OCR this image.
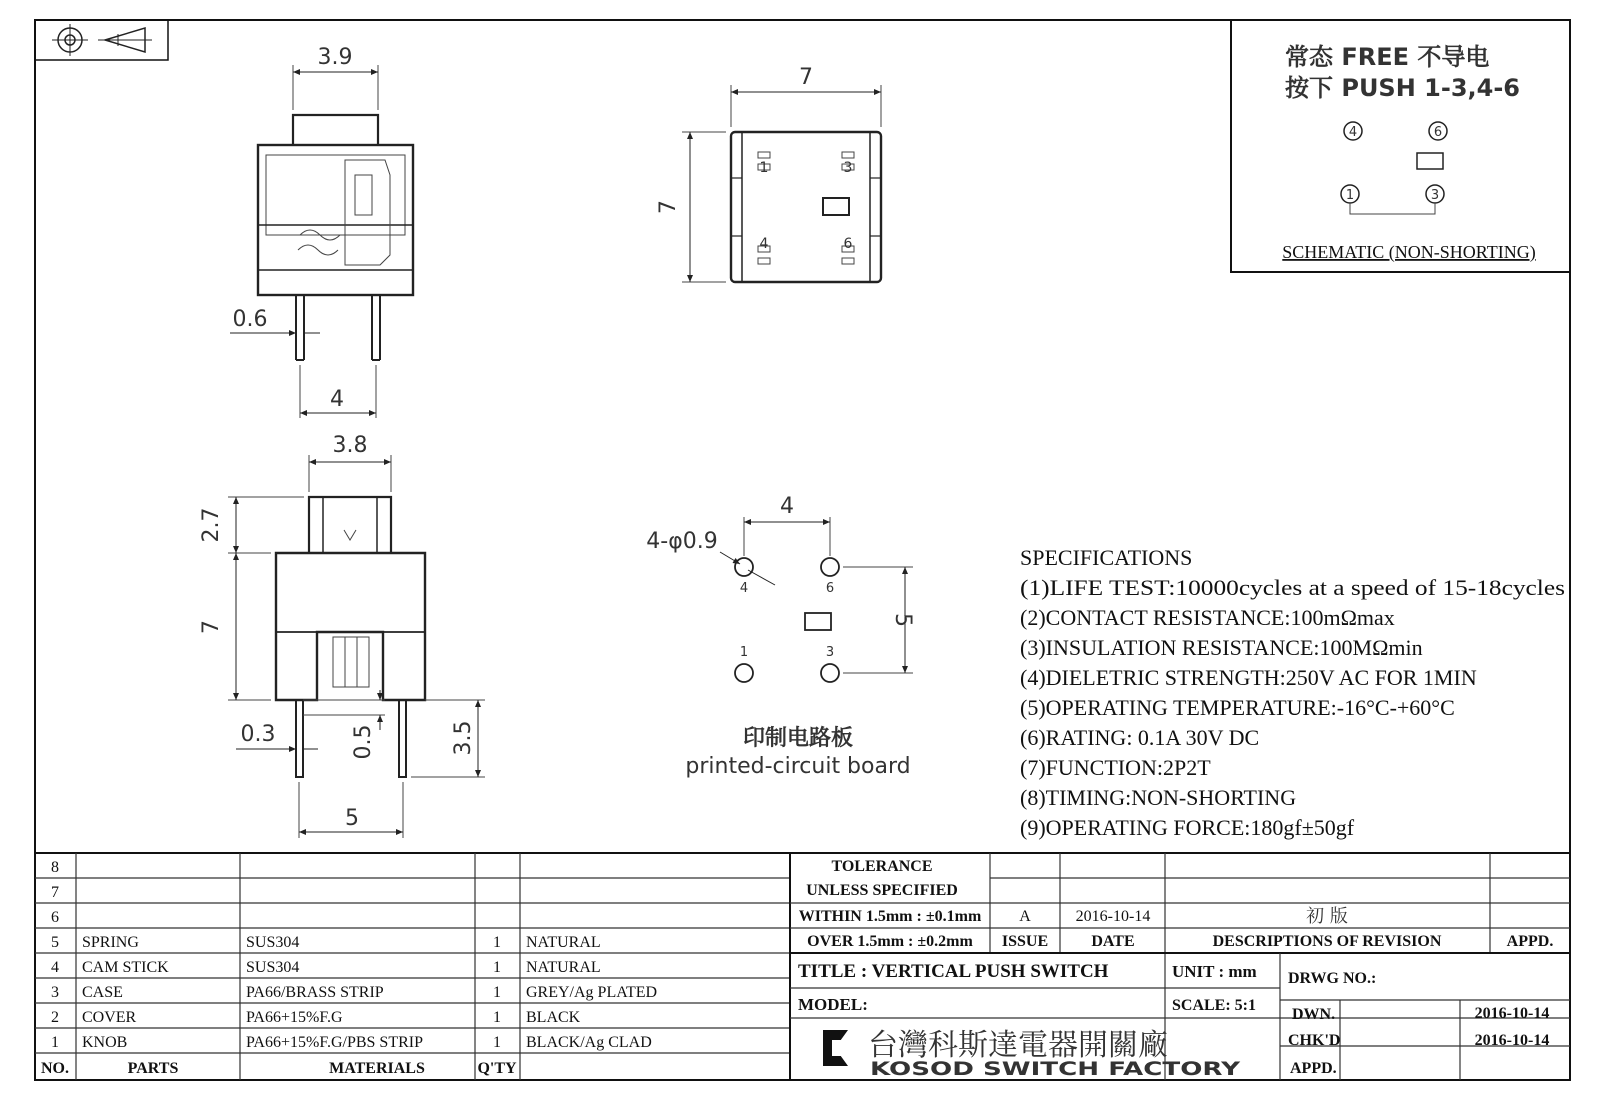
3.9
0.6
4
1	3
4	6
7
7
常态 FREE 不导电
按下 PUSH 1-3,4-6
4	6
1	3
SCHEMATIC (NON-SHORTING)
3.8
2.7
7
0.3	0.5	3.5
5
4	6
1	3
4
5
4-φ0.9
印制电路板
printed-circuit board
SPECIFICATIONS
(1)LIFE TEST:10000cycles at a speed of 15-18cycles
(2)CONTACT RESISTANCE:100mΩmax
(3)INSULATION RESISTANCE:100MΩmin
(4)DIELETRIC STRENGTH:250V AC FOR 1MIN
(5)OPERATING TEMPERATURE:-16°C-+60°C
(6)RATING: 0.1A 30V DC
(7)FUNCTION:2P2T
(8)TIMING:NON-SHORTING
(9)OPERATING FORCE:180gf±50gf
8
7
6
5 SPRING	SUS304	1 NATURAL
4 CAM STICK	SUS304	1 NATURAL
3 CASE	PA66/BRASS STRIP	1 GREY/Ag PLATED
2 COVER	PA66+15%F.G	1 BLACK
1 KNOB	PA66+15%F.G/PBS STRIP	1 BLACK/Ag CLAD
NO.	PARTS	MATERIALS	Q'TY
TOLERANCE
UNLESS SPECIFIED
WITHIN 1.5mm : ±0.1mm
OVER 1.5mm : ±0.2mm
A	2016-10-14	初 版
ISSUE	DATE	DESCRIPTIONS OF REVISION	APPD.
TITLE : VERTICAL PUSH SWITCH	UNIT : mm
MODEL:	SCALE: 5:1
DRWG NO.:
DWN.	2016-10-14
CHK'D	2016-10-14
APPD.
台灣科斯達電器開關廠
KOSOD SWITCH FACTORY
